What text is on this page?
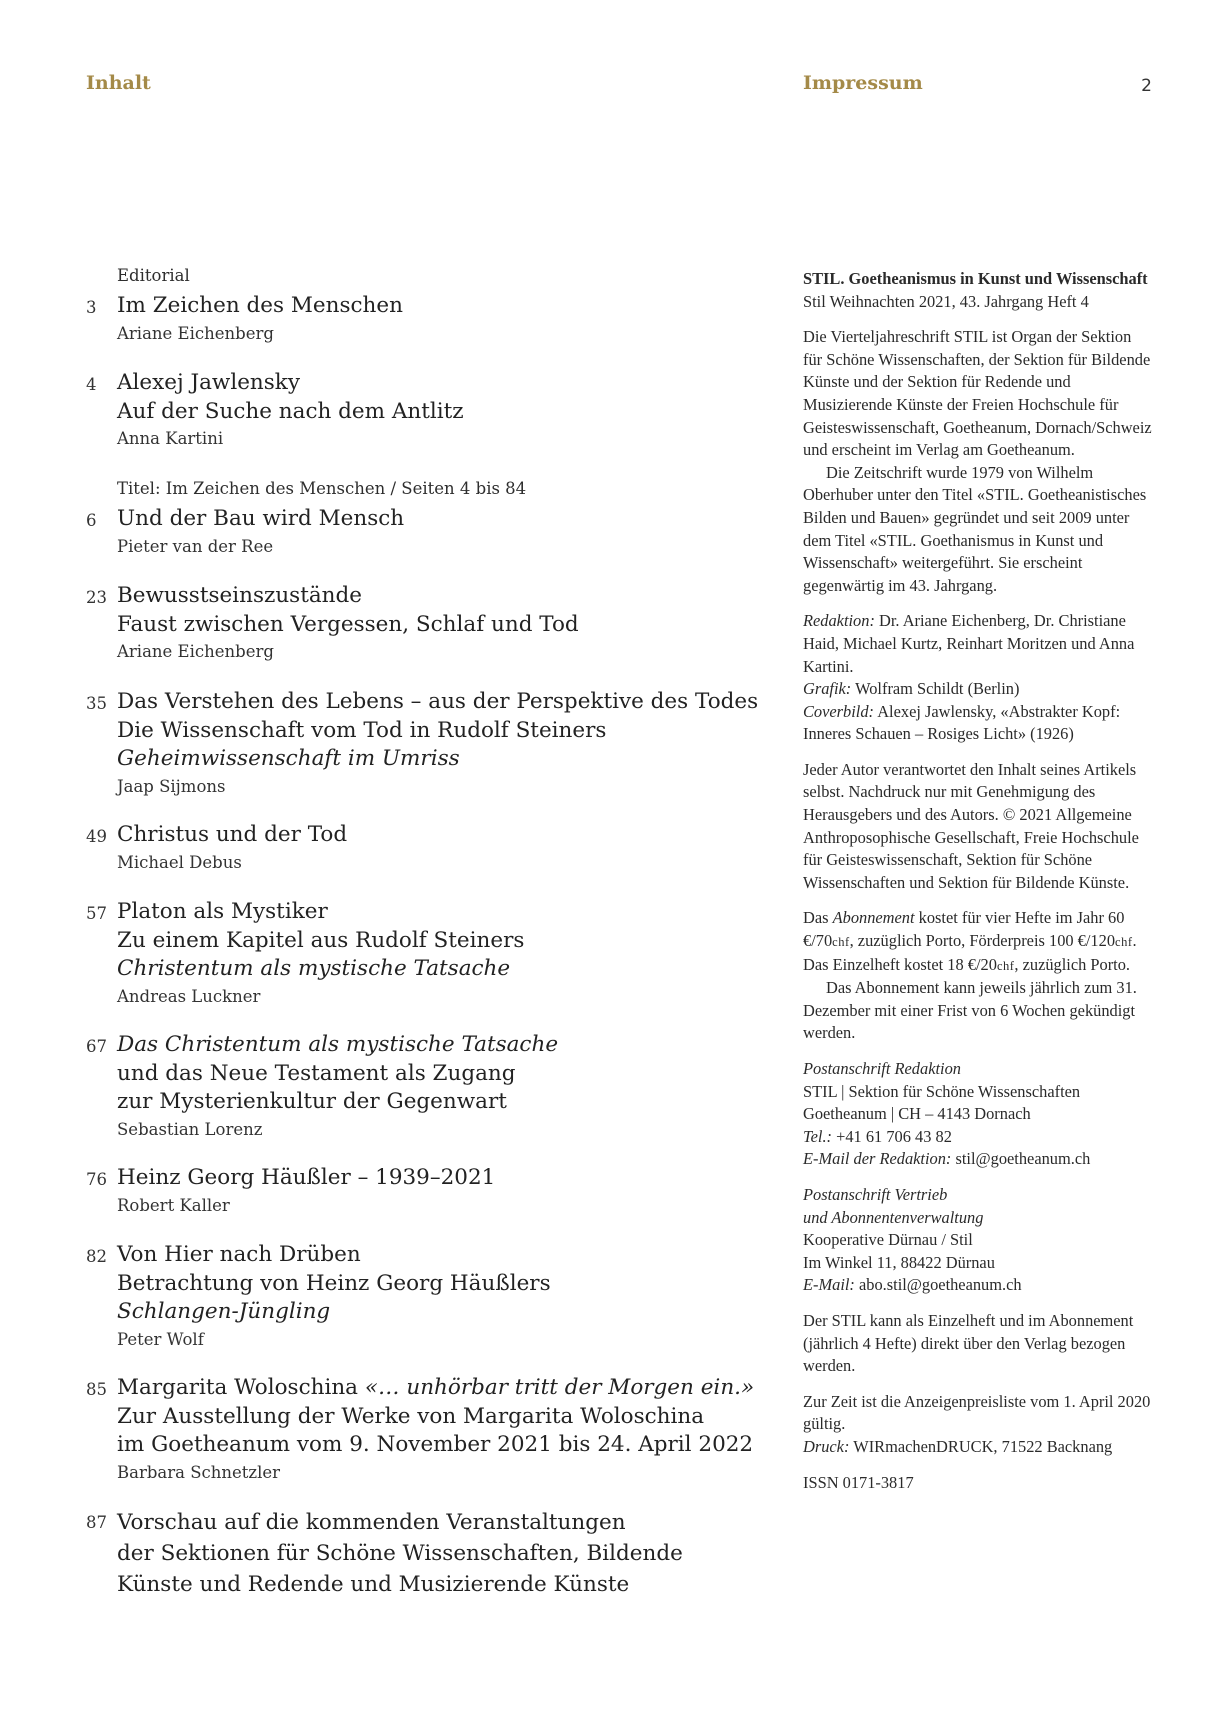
Inhalt	Impressum	2
Editorial
3 Im Zeichen des Menschen
Ariane Eichenberg
4 Alexej Jawlensky
Auf der Suche nach dem Antlitz
Anna Kartini
Titel: Im Zeichen des Menschen / Seiten 4 bis 84
6 Und der Bau wird Mensch
Pieter van der Ree
23 Bewusstseinszustände
Faust zwischen Vergessen, Schlaf und Tod
Ariane Eichenberg
35 Das Verstehen des Lebens – aus der Perspektive des Todes
Die Wissenschaft vom Tod in Rudolf Steiners
Geheimwissenschaft im Umriss
Jaap Sijmons
49 Christus und der Tod
Michael Debus
57 Platon als Mystiker
Zu einem Kapitel aus Rudolf Steiners
Christentum als mystische Tatsache
Andreas Luckner
67 Das Christentum als mystische Tatsache
und das Neue Testament als Zugang
zur Mysterienkultur der Gegenwart
Sebastian Lorenz
76 Heinz Georg Häußler – 1939–2021
Robert Kaller
82 Von Hier nach Drüben
Betrachtung von Heinz Georg Häußlers
Schlangen-Jüngling
Peter Wolf
85 Margarita Woloschina «… unhörbar tritt der Morgen ein.»
Zur Ausstellung der Werke von Margarita Woloschina
im Goetheanum vom 9. November 2021 bis 24. April 2022
Barbara Schnetzler
87 Vorschau auf die kommenden Veranstaltungen
der Sektionen für Schöne Wissenschaften, Bildende
Künste und Redende und Musizierende Künste

STIL. Goetheanismus in Kunst und Wissenschaft
Stil Weihnachten 2021, 43. Jahrgang Heft 4

Die Vierteljahreschrift STIL ist Organ der Sektion für Schöne Wissenschaften, der Sektion für Bildende Künste und der Sektion für Redende und Musizierende Künste der Freien Hochschule für Geisteswissenschaft, Goetheanum, Dornach/Schweiz und erscheint im Verlag am Goetheanum.

Die Zeitschrift wurde 1979 von Wilhelm Oberhuber unter den Titel «STIL. Goetheanistisches Bilden und Bauen» gegründet und seit 2009 unter dem Titel «STIL. Goethanismus in Kunst und Wissenschaft» weitergeführt. Sie erscheint gegenwärtig im 43. Jahrgang.

Redaktion: Dr. Ariane Eichenberg, Dr. Christiane Haid, Michael Kurtz, Reinhart Moritzen und Anna Kartini.
Grafik: Wolfram Schildt (Berlin)
Coverbild: Alexej Jawlensky, «Abstrakter Kopf: Inneres Schauen – Rosiges Licht» (1926)

Jeder Autor verantwortet den Inhalt seines Artikels selbst. Nachdruck nur mit Genehmigung des Herausgebers und des Autors. © 2021 Allgemeine Anthroposophische Gesellschaft, Freie Hochschule für Geisteswissenschaft, Sektion für Schöne Wissenschaften und Sektion für Bildende Künste.

Das Abonnement kostet für vier Hefte im Jahr 60 €/70chf, zuzüglich Porto, Förderpreis 100 €/120chf. Das Einzelheft kostet 18 €/20chf, zuzüglich Porto.

Das Abonnement kann jeweils jährlich zum 31. Dezember mit einer Frist von 6 Wochen gekündigt werden.

Postanschrift Redaktion
STIL | Sektion für Schöne Wissenschaften
Goetheanum | CH – 4143 Dornach
Tel.: +41 61 706 43 82
E-Mail der Redaktion: stil@goetheanum.ch

Postanschrift Vertrieb
und Abonnentenverwaltung
Kooperative Dürnau / Stil
Im Winkel 11, 88422 Dürnau
E-Mail: abo.stil@goetheanum.ch

Der STIL kann als Einzelheft und im Abonnement (jährlich 4 Hefte) direkt über den Verlag bezogen werden.

Zur Zeit ist die Anzeigenpreisliste vom 1. April 2020 gültig.
Druck: WIRmachenDRUCK, 71522 Backnang

ISSN 0171-3817
